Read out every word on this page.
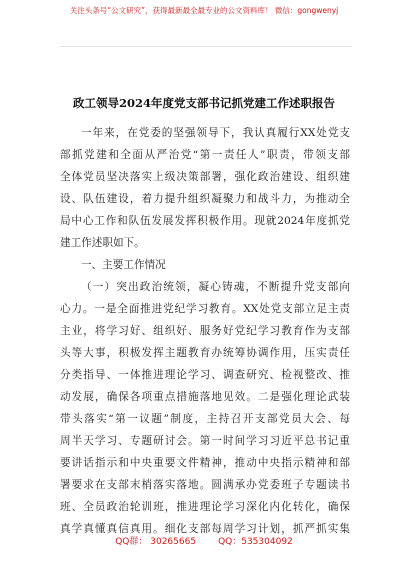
关注头条号“公文研究”，获得最新最全最专业的公文资料库！ 微信：gongwenyj
政工领导2024年度党支部书记抓党建工作述职报告
一年来，在党委的坚强领导下，我认真履行XX处党支
部抓党建和全面从严治党“第一责任人”职责，带领支部
全体党员坚决落实上级决策部署，强化政治建设、组织建
设、队伍建设，着力提升组织凝聚力和战斗力，为推动全
局中心工作和队伍发展发挥积极作用。现就2024年度抓党
建工作述职如下。
一、主要工作情况
（一）突出政治统领，凝心铸魂，不断提升党支部向
心力。一是全面推进党纪学习教育。XX处党支部立足主责
主业，将学习好、组织好、服务好党纪学习教育作为支部
头等大事，积极发挥主题教育办统筹协调作用，压实责任
分类指导、一体推进理论学习、调查研究、检视整改、推
动发展，确保各项重点措施落地见效。二是强化理论武装
带头落实“第一议题”制度，主持召开支部党员大会、每
周半天学习、专题研讨会。第一时间学习习近平总书记重
要讲话指示和中央重要文件精神，推动中央指示精神和部
署要求在支部末梢落实落地。圆满承办党委班子专题读书
班、全员政治轮训班，推进理论学习深化内化转化，确保
真学真懂真信真用。细化支部每周学习计划，抓严抓实集
QQ群： 30265665 QQ：535304092
